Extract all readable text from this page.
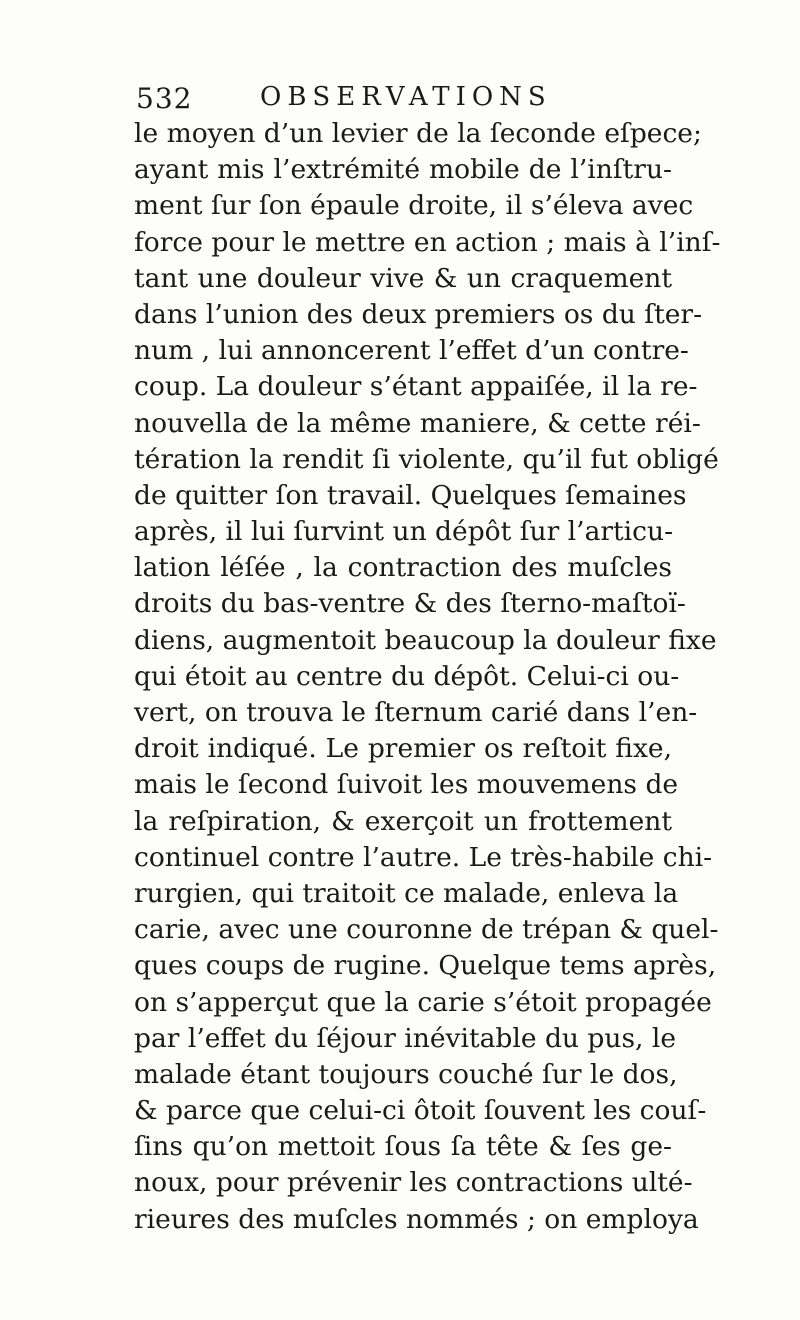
532	OBSERVATIONS
le moyen d’un levier de la ſeconde eſpece;
ayant mis l’extrémité mobile de l’inſtru-
ment ſur ſon épaule droite, il s’éleva avec
force pour le mettre en action ; mais à l’inſ-
tant une douleur vive & un craquement
dans l’union des deux premiers os du ſter-
num , lui annoncerent l’effet d’un contre-
coup. La douleur s’étant appaiſée, il la re-
nouvella de la même maniere, & cette réi-
tération la rendit ſi violente, qu’il fut obligé
de quitter ſon travail. Quelques ſemaines
après, il lui ſurvint un dépôt ſur l’articu-
lation léſée , la contraction des muſcles
droits du bas-ventre & des ſterno-maſtoï-
diens, augmentoit beaucoup la douleur fixe
qui étoit au centre du dépôt. Celui-ci ou-
vert, on trouva le ſternum carié dans l’en-
droit indiqué. Le premier os reſtoit fixe,
mais le ſecond ſuivoit les mouvemens de
la reſpiration, & exerçoit un frottement
continuel contre l’autre. Le très-habile chi-
rurgien, qui traitoit ce malade, enleva la
carie, avec une couronne de trépan & quel-
ques coups de rugine. Quelque tems après,
on s’apperçut que la carie s’étoit propagée
par l’effet du ſéjour inévitable du pus, le
malade étant toujours couché ſur le dos,
& parce que celui-ci ôtoit ſouvent les couſ-
ſins qu’on mettoit ſous ſa tête & ſes ge-
noux, pour prévenir les contractions ulté-
rieures des muſcles nommés ; on employa
